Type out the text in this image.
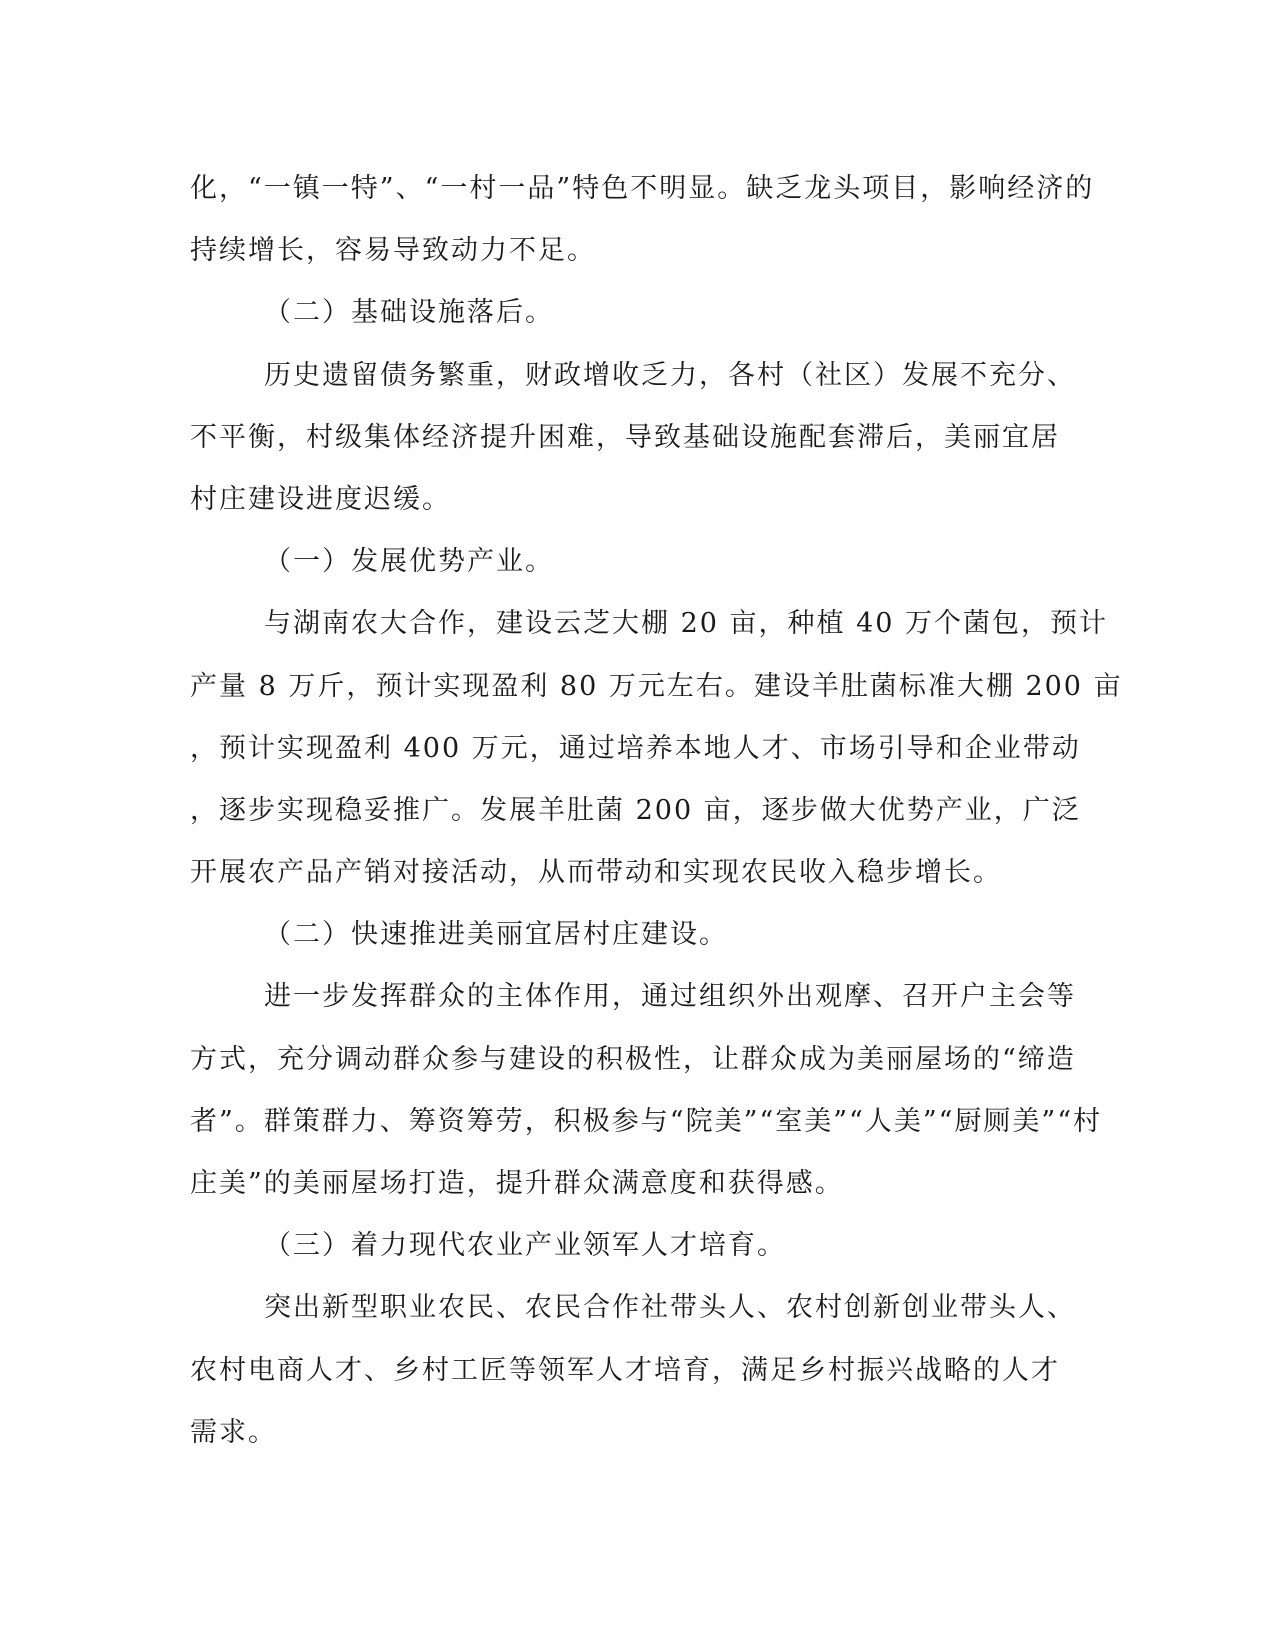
化，“一镇一特”、“一村一品”特色不明显。缺乏龙头项目，影响经济的

持续增长，容易导致动力不足。

（二）基础设施落后。

历史遗留债务繁重，财政增收乏力，各村（社区）发展不充分、

不平衡，村级集体经济提升困难，导致基础设施配套滞后，美丽宜居

村庄建设进度迟缓。

（一）发展优势产业。

与湖南农大合作，建设云芝大棚 20 亩，种植 40 万个菌包，预计

产量 8 万斤，预计实现盈利 80 万元左右。建设羊肚菌标准大棚 200 亩

，预计实现盈利 400 万元，通过培养本地人才、市场引导和企业带动

，逐步实现稳妥推广。发展羊肚菌 200 亩，逐步做大优势产业，广泛

开展农产品产销对接活动，从而带动和实现农民收入稳步增长。

（二）快速推进美丽宜居村庄建设。

进一步发挥群众的主体作用，通过组织外出观摩、召开户主会等

方式，充分调动群众参与建设的积极性，让群众成为美丽屋场的“缔造

者”。群策群力、筹资筹劳，积极参与“院美”“室美”“人美”“厨厕美”“村

庄美”的美丽屋场打造，提升群众满意度和获得感。

（三）着力现代农业产业领军人才培育。

突出新型职业农民、农民合作社带头人、农村创新创业带头人、

农村电商人才、乡村工匠等领军人才培育，满足乡村振兴战略的人才

需求。
